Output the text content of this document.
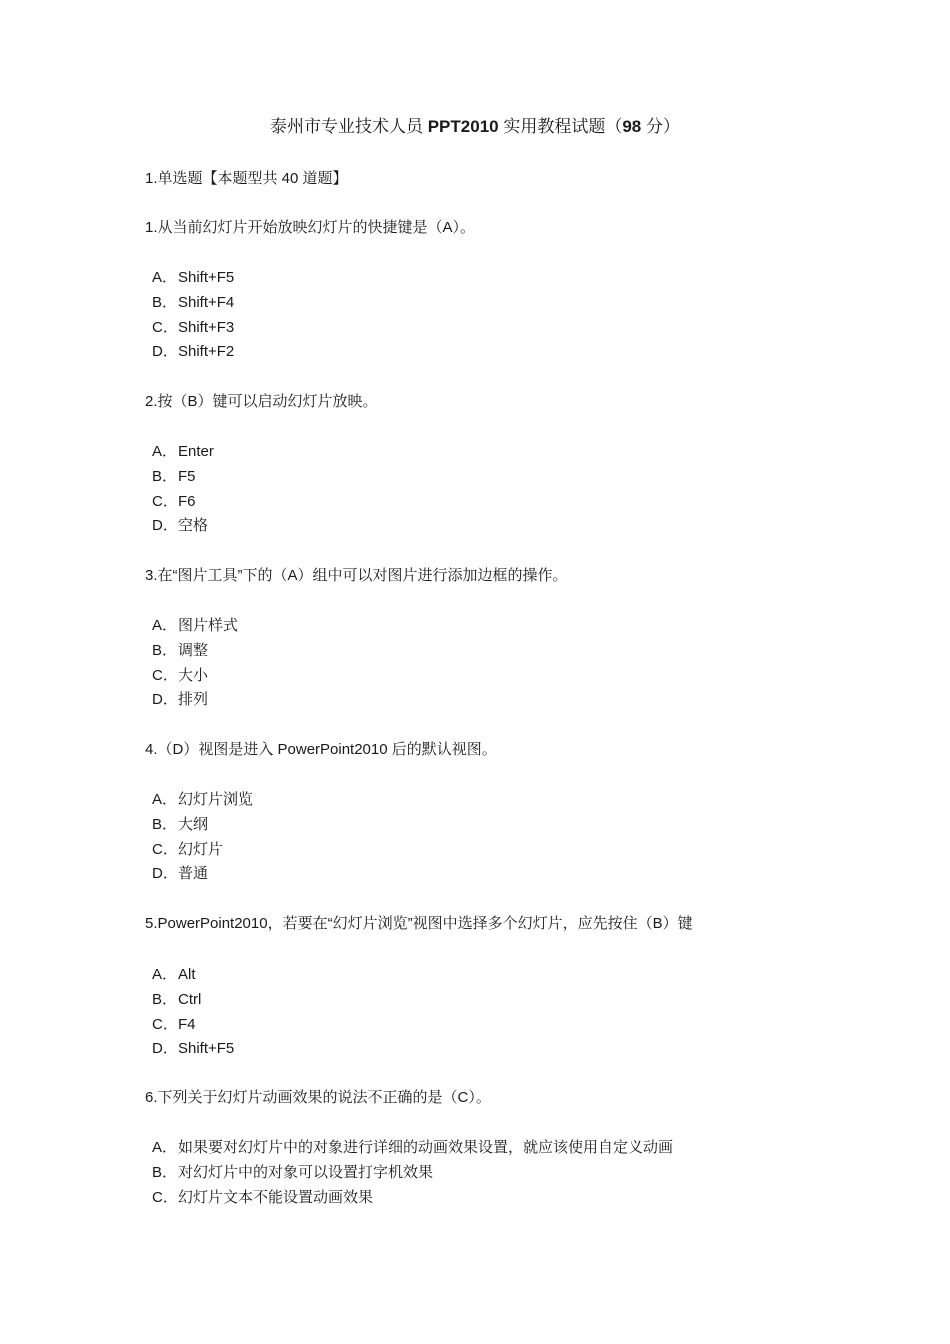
泰州市专业技术人员 PPT2010 实用教程试题（98 分）
1.单选题【本题型共 40 道题】
1.从当前幻灯片开始放映幻灯片的快捷键是（A）。
A．Shift+F5
B．Shift+F4
C．Shift+F3
D．Shift+F2
2.按（B）键可以启动幻灯片放映。
A．Enter
B．F5
C．F6
D．空格
3.在“图片工具”下的（A）组中可以对图片进行添加边框的操作。
A．图片样式
B．调整
C．大小
D．排列
4.（D）视图是进入 PowerPoint2010 后的默认视图。
A．幻灯片浏览
B．大纲
C．幻灯片
D．普通
5.PowerPoint2010，若要在“幻灯片浏览”视图中选择多个幻灯片，应先按住（B）键
A．Alt
B．Ctrl
C．F4
D．Shift+F5
6.下列关于幻灯片动画效果的说法不正确的是（C）。
A．如果要对幻灯片中的对象进行详细的动画效果设置，就应该使用自定义动画
B．对幻灯片中的对象可以设置打字机效果
C．幻灯片文本不能设置动画效果
